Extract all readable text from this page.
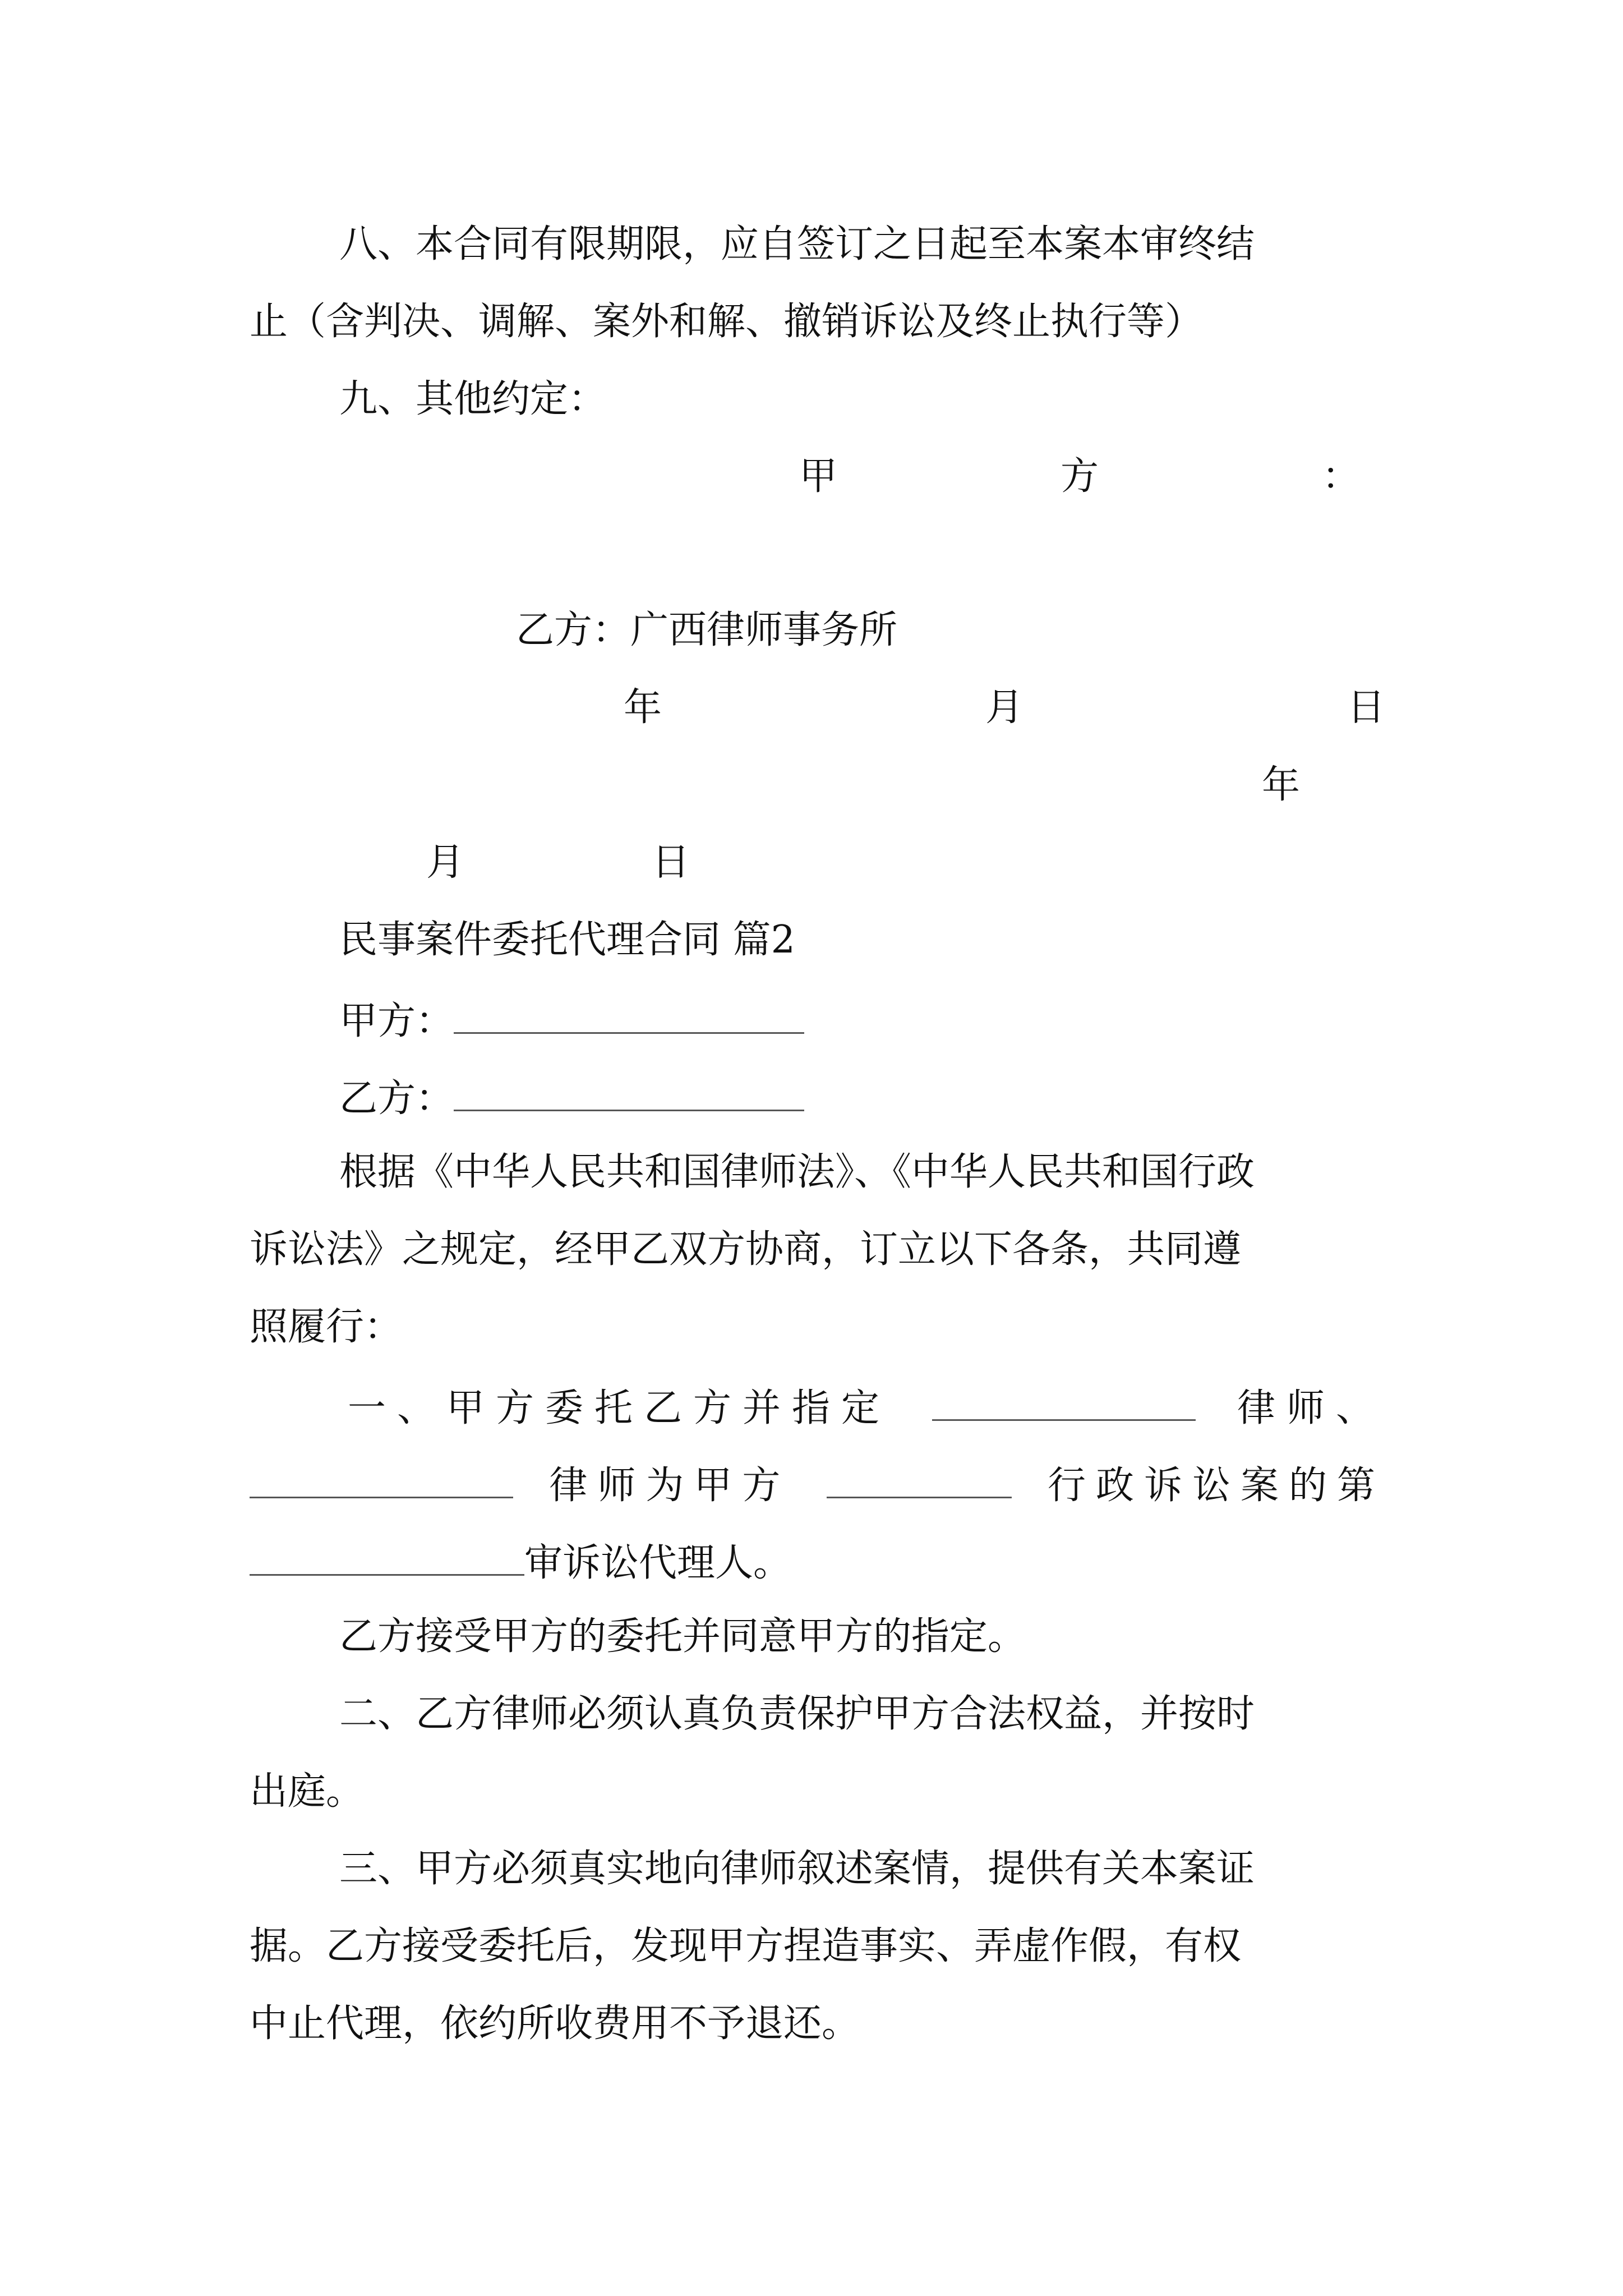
八、本合同有限期限，应自签订之日起至本案本审终结
止（含判决、调解、案外和解、撤销诉讼及终止执行等）
九、其他约定：
甲	方	：
乙方：广西律师事务所
年	月	日
年
月	日
民事案件委托代理合同 篇2
甲方：
乙方：
根据《中华人民共和国律师法》、《中华人民共和国行政
诉讼法》之规定，经甲乙双方协商，订立以下各条，共同遵
照履行：
一、甲方委托乙方并指定	律师、
律师为甲方	行政诉讼案的第
审诉讼代理人。
乙方接受甲方的委托并同意甲方的指定。
二、乙方律师必须认真负责保护甲方合法权益，并按时
出庭。
三、甲方必须真实地向律师叙述案情，提供有关本案证
据。乙方接受委托后，发现甲方捏造事实、弄虚作假，有权
中止代理，依约所收费用不予退还。
